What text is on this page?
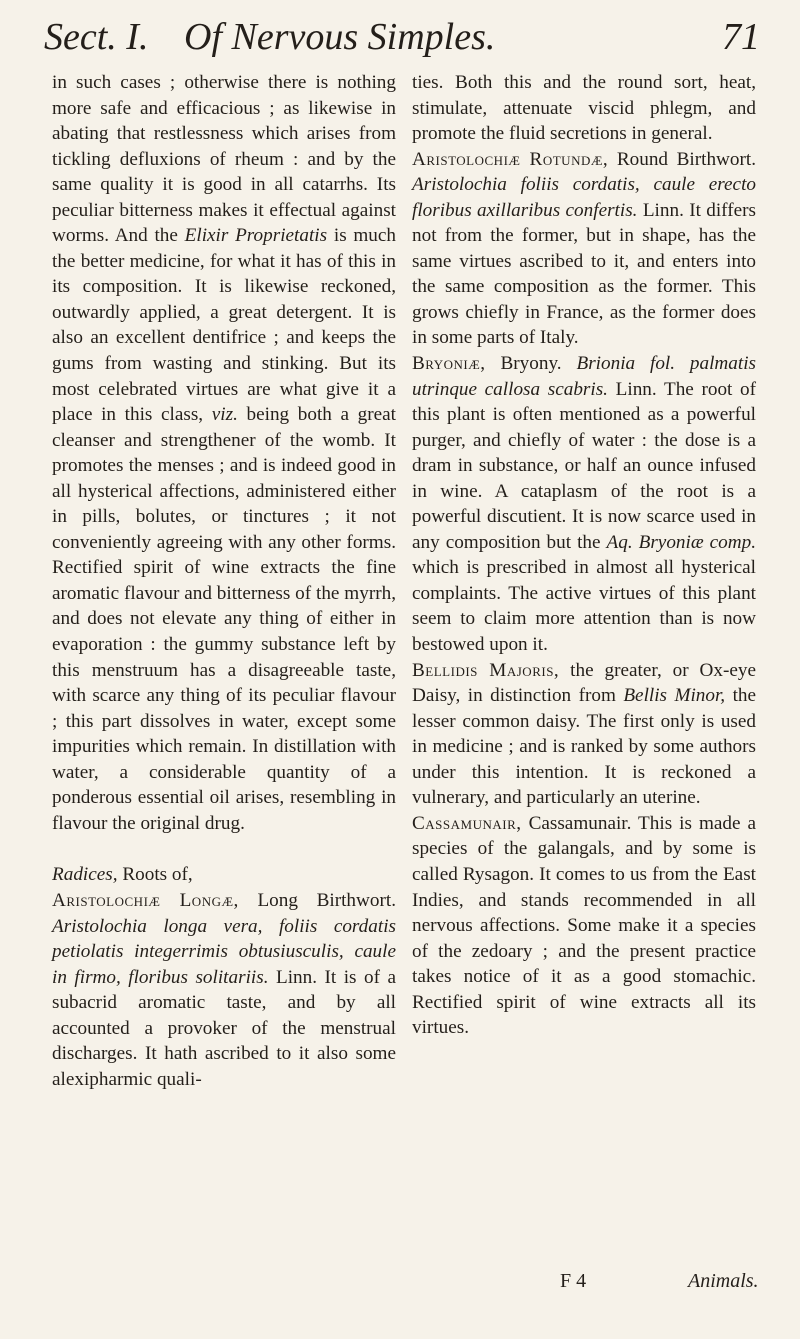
Sect. I. Of Nervous Simples.	71

in such cases ; otherwise there is nothing more safe and efficacious ; as likewise in abating that restlessness which arises from tickling defluxions of rheum : and by the same quality it is good in all catarrhs. Its peculiar bitterness makes it effectual against worms. And the Elixir Proprietatis is much the better medicine, for what it has of this in its composition. It is likewise reckoned, outwardly applied, a great detergent. It is also an excellent dentifrice ; and keeps the gums from wasting and stinking. But its most celebrated virtues are what give it a place in this class, viz. being both a great cleanser and strengthener of the womb. It promotes the menses ; and is indeed good in all hysterical affections, administered either in pills, bolutes, or tinctures ; it not conveniently agreeing with any other forms. Rectified spirit of wine extracts the fine aromatic flavour and bitterness of the myrrh, and does not elevate any thing of either in evaporation : the gummy substance left by this menstruum has a disagreeable taste, with scarce any thing of its peculiar flavour ; this part dissolves in water, except some impurities which remain. In distillation with water, a considerable quantity of a ponderous essential oil arises, resembling in flavour the original drug.

Radices, Roots of,

Aristolochiæ Longæ, Long Birthwort. Aristolochia longa vera, foliis cordatis petiolatis integerrimis obtusiusculis, caule in firmo, floribus solitariis. Linn. It is of a subacrid aromatic taste, and by all accounted a provoker of the menstrual discharges. It hath ascribed to it also some alexipharmic quali-

ties. Both this and the round sort, heat, stimulate, attenuate viscid phlegm, and promote the fluid secretions in general.

Aristolochiæ Rotundæ, Round Birthwort. Aristolochia foliis cordatis, caule erecto floribus axillaribus confertis. Linn. It differs not from the former, but in shape, has the same virtues ascribed to it, and enters into the same composition as the former. This grows chiefly in France, as the former does in some parts of Italy.

Bryoniæ, Bryony. Brionia fol. palmatis utrinque callosa scabris. Linn. The root of this plant is often mentioned as a powerful purger, and chiefly of water : the dose is a dram in substance, or half an ounce infused in wine. A cataplasm of the root is a powerful discutient. It is now scarce used in any composition but the Aq. Bryoniæ comp. which is prescribed in almost all hysterical complaints. The active virtues of this plant seem to claim more attention than is now bestowed upon it.

Bellidis Majoris, the greater, or Ox-eye Daisy, in distinction from Bellis Minor, the lesser common daisy. The first only is used in medicine ; and is ranked by some authors under this intention. It is reckoned a vulnerary, and particularly an uterine.

Cassamunair, Cassamunair. This is made a species of the galangals, and by some is called Rysagon. It comes to us from the East Indies, and stands recommended in all nervous affections. Some make it a species of the zedoary ; and the present practice takes notice of it as a good stomachic. Rectified spirit of wine extracts all its virtues.

F 4	Animals.
